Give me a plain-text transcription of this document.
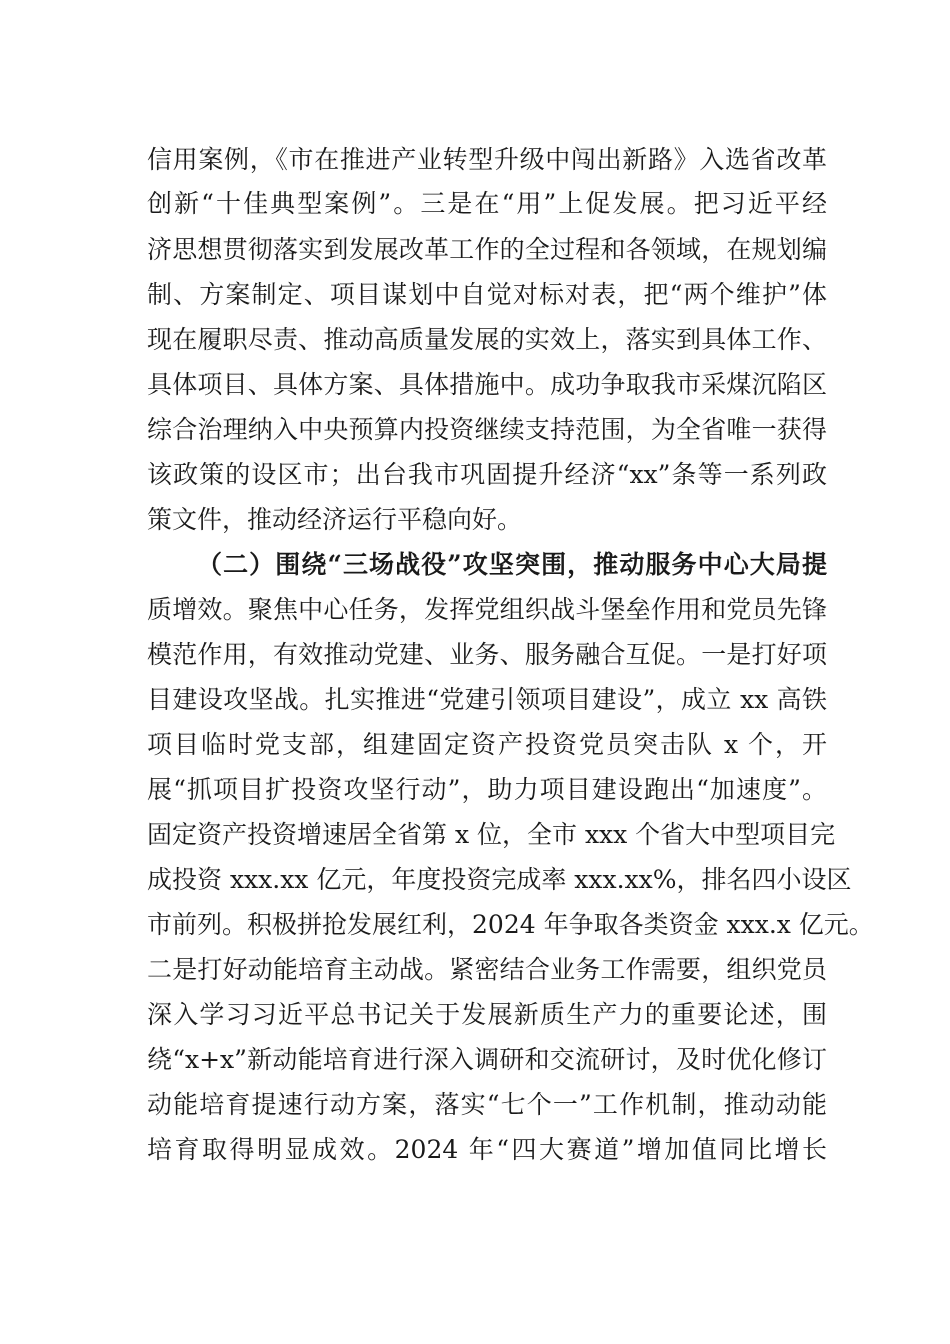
信用案例，《市在推进产业转型升级中闯出新路》入选省改革
创新“十佳典型案例”。三是在“用”上促发展。把习近平经
济思想贯彻落实到发展改革工作的全过程和各领域，在规划编
制、方案制定、项目谋划中自觉对标对表，把“两个维护”体
现在履职尽责、推动高质量发展的实效上，落实到具体工作、
具体项目、具体方案、具体措施中。成功争取我市采煤沉陷区
综合治理纳入中央预算内投资继续支持范围，为全省唯一获得
该政策的设区市；出台我市巩固提升经济“xx”条等一系列政
策文件，推动经济运行平稳向好。
（二）围绕“三场战役”攻坚突围，推动服务中心大局提
质增效。聚焦中心任务，发挥党组织战斗堡垒作用和党员先锋
模范作用，有效推动党建、业务、服务融合互促。一是打好项
目建设攻坚战。扎实推进“党建引领项目建设”，成立 xx 高铁
项目临时党支部，组建固定资产投资党员突击队 x 个，开
展“抓项目扩投资攻坚行动”，助力项目建设跑出“加速度”。
固定资产投资增速居全省第 x 位，全市 xxx 个省大中型项目完
成投资 xxx.xx 亿元，年度投资完成率 xxx.xx%，排名四小设区
市前列。积极拼抢发展红利，2024 年争取各类资金 xxx.x 亿元。
二是打好动能培育主动战。紧密结合业务工作需要，组织党员
深入学习习近平总书记关于发展新质生产力的重要论述，围
绕“x+x”新动能培育进行深入调研和交流研讨，及时优化修订
动能培育提速行动方案，落实“七个一”工作机制，推动动能
培育取得明显成效。2024 年“四大赛道”增加值同比增长
